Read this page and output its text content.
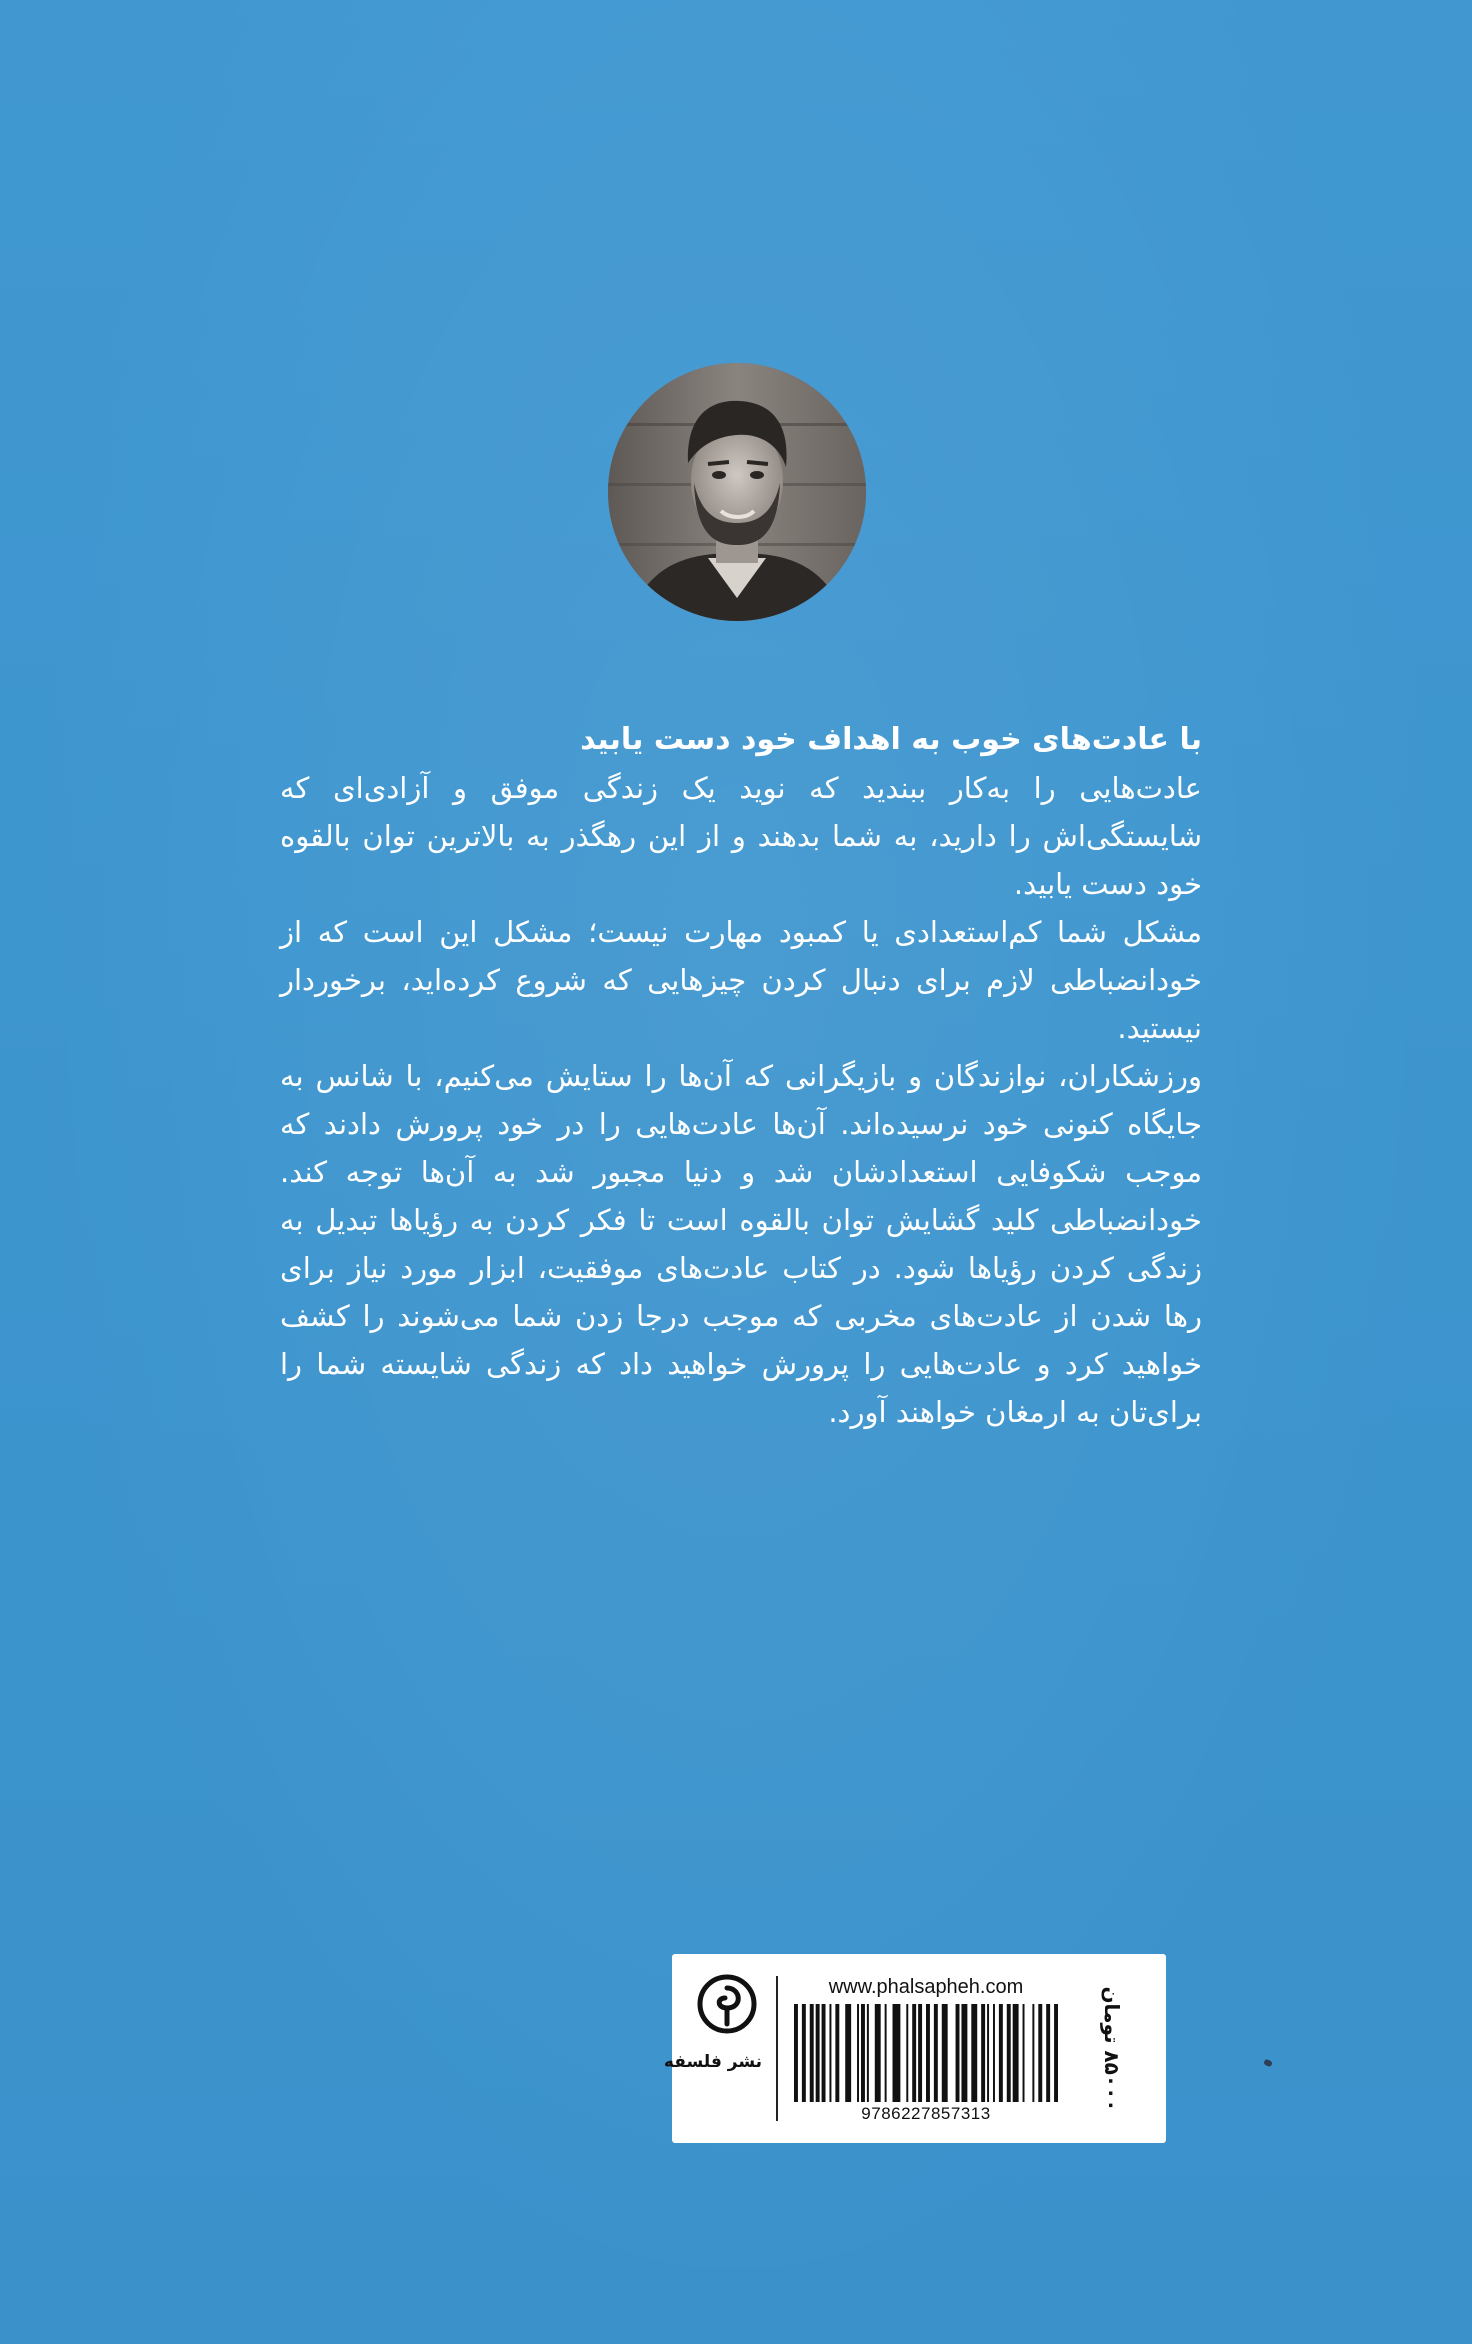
با عادت‌های خوب به اهداف خود دست یابید

عادت‌هایی را به‌کار ببندید که نوید یک زندگی موفق و آزادی‌ای که شایستگی‌اش را دارید، به شما بدهند و از این رهگذر به بالاترین توان بالقوه خود دست یابید.

مشکل شما کم‌استعدادی یا کمبود مهارت نیست؛ مشکل این است که از خودانضباطی لازم برای دنبال کردن چیزهایی که شروع کرده‌اید، برخوردار نیستید.

ورزشکاران، نوازندگان و بازیگرانی که آن‌ها را ستایش می‌کنیم، با شانس به جایگاه کنونی خود نرسیده‌اند. آن‌ها عادت‌هایی را در خود پرورش دادند که موجب شکوفایی استعدادشان شد و دنیا مجبور شد به آن‌ها توجه کند. خودانضباطی کلید گشایش توان بالقوه است تا فکر کردن به رؤیاها تبدیل به زندگی کردن رؤیاها شود. در کتاب عادت‌های موفقیت، ابزار مورد نیاز برای رها شدن از عادت‌های مخربی که موجب درجا زدن شما می‌شوند را کشف خواهید کرد و عادت‌هایی را پرورش خواهید داد که زندگی شایسته شما را برای‌تان به ارمغان خواهند آورد.

نشر فلسفه
www.phalsapheh.com
9786227857313
۸۵۰۰۰ تومان
